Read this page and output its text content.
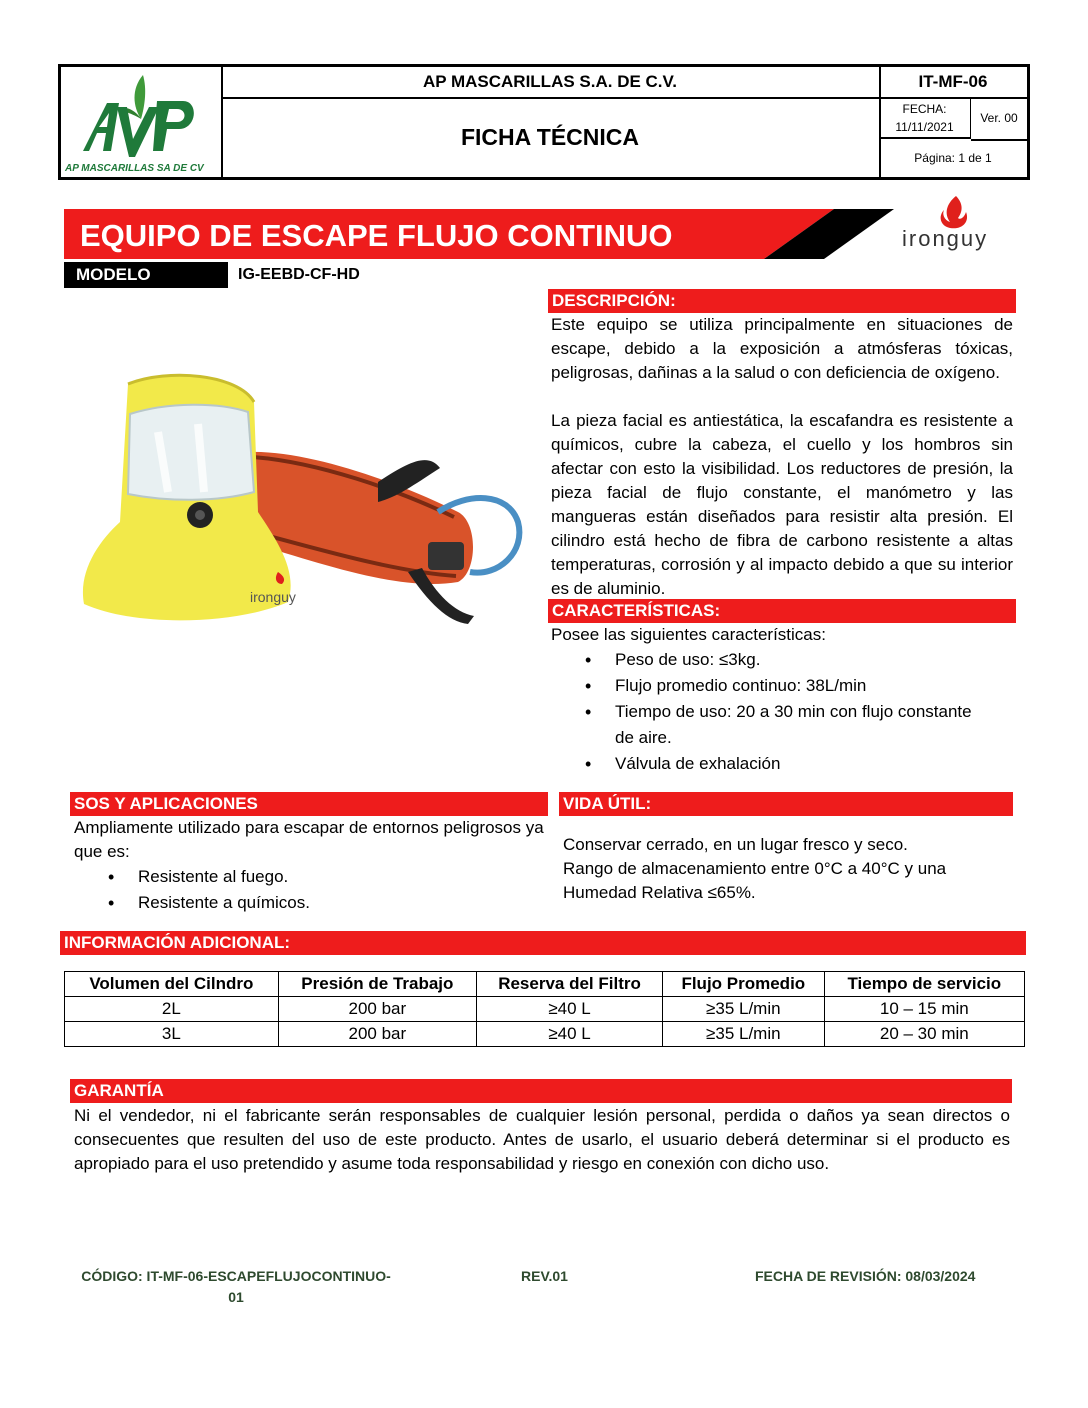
AP MASCARILLAS SA DE CV
AP MASCARILLAS S.A. DE C.V.
FICHA TÉCNICA
IT-MF-06
FECHA:
11/11/2021
Ver. 00
Página: 1 de 1
EQUIPO DE ESCAPE FLUJO CONTINUO	ironguy
MODELO	IG-EEBD-CF-HD
ironguy
DESCRIPCIÓN:
Este equipo se utiliza principalmente en situaciones de escape, debido a la exposición a atmósferas tóxicas, peligrosas, dañinas a la salud o con deficiencia de oxígeno.
La pieza facial es antiestática, la escafandra es resistente a químicos, cubre la cabeza, el cuello y los hombros sin afectar con esto la visibilidad. Los reductores de presión, la pieza facial de flujo constante, el manómetro y las mangueras están diseñados para resistir alta presión. El cilindro está hecho de fibra de carbono resistente a altas temperaturas, corrosión y al impacto debido a que su interior es de aluminio.
CARACTERÍSTICAS:
Posee las siguientes características:
• Peso de uso: ≤3kg.
• Flujo promedio continuo: 38L/min
• Tiempo de uso: 20 a 30 min con flujo constante de aire.
• Válvula de exhalación
SOS Y APLICACIONES
Ampliamente utilizado para escapar de entornos peligrosos ya que es:
• Resistente al fuego.
• Resistente a químicos.
VIDA ÚTIL:
Conservar cerrado, en un lugar fresco y seco.
Rango de almacenamiento entre 0°C a 40°C y una Humedad Relativa ≤65%.
INFORMACIÓN ADICIONAL:
Volumen del Cilndro	Presión de Trabajo	Reserva del Filtro	Flujo Promedio	Tiempo de servicio
2L	200 bar	≥40 L	≥35 L/min	10 – 15 min
3L	200 bar	≥40 L	≥35 L/min	20 – 30 min
GARANTÍA
Ni el vendedor, ni el fabricante serán responsables de cualquier lesión personal, perdida o daños ya sean directos o consecuentes que resulten del uso de este producto. Antes de usarlo, el usuario deberá determinar si el producto es apropiado para el uso pretendido y asume toda responsabilidad y riesgo en conexión con dicho uso.
CÓDIGO: IT-MF-06-ESCAPEFLUJOCONTINUO-
01
REV.01	FECHA DE REVISIÓN: 08/03/2024
